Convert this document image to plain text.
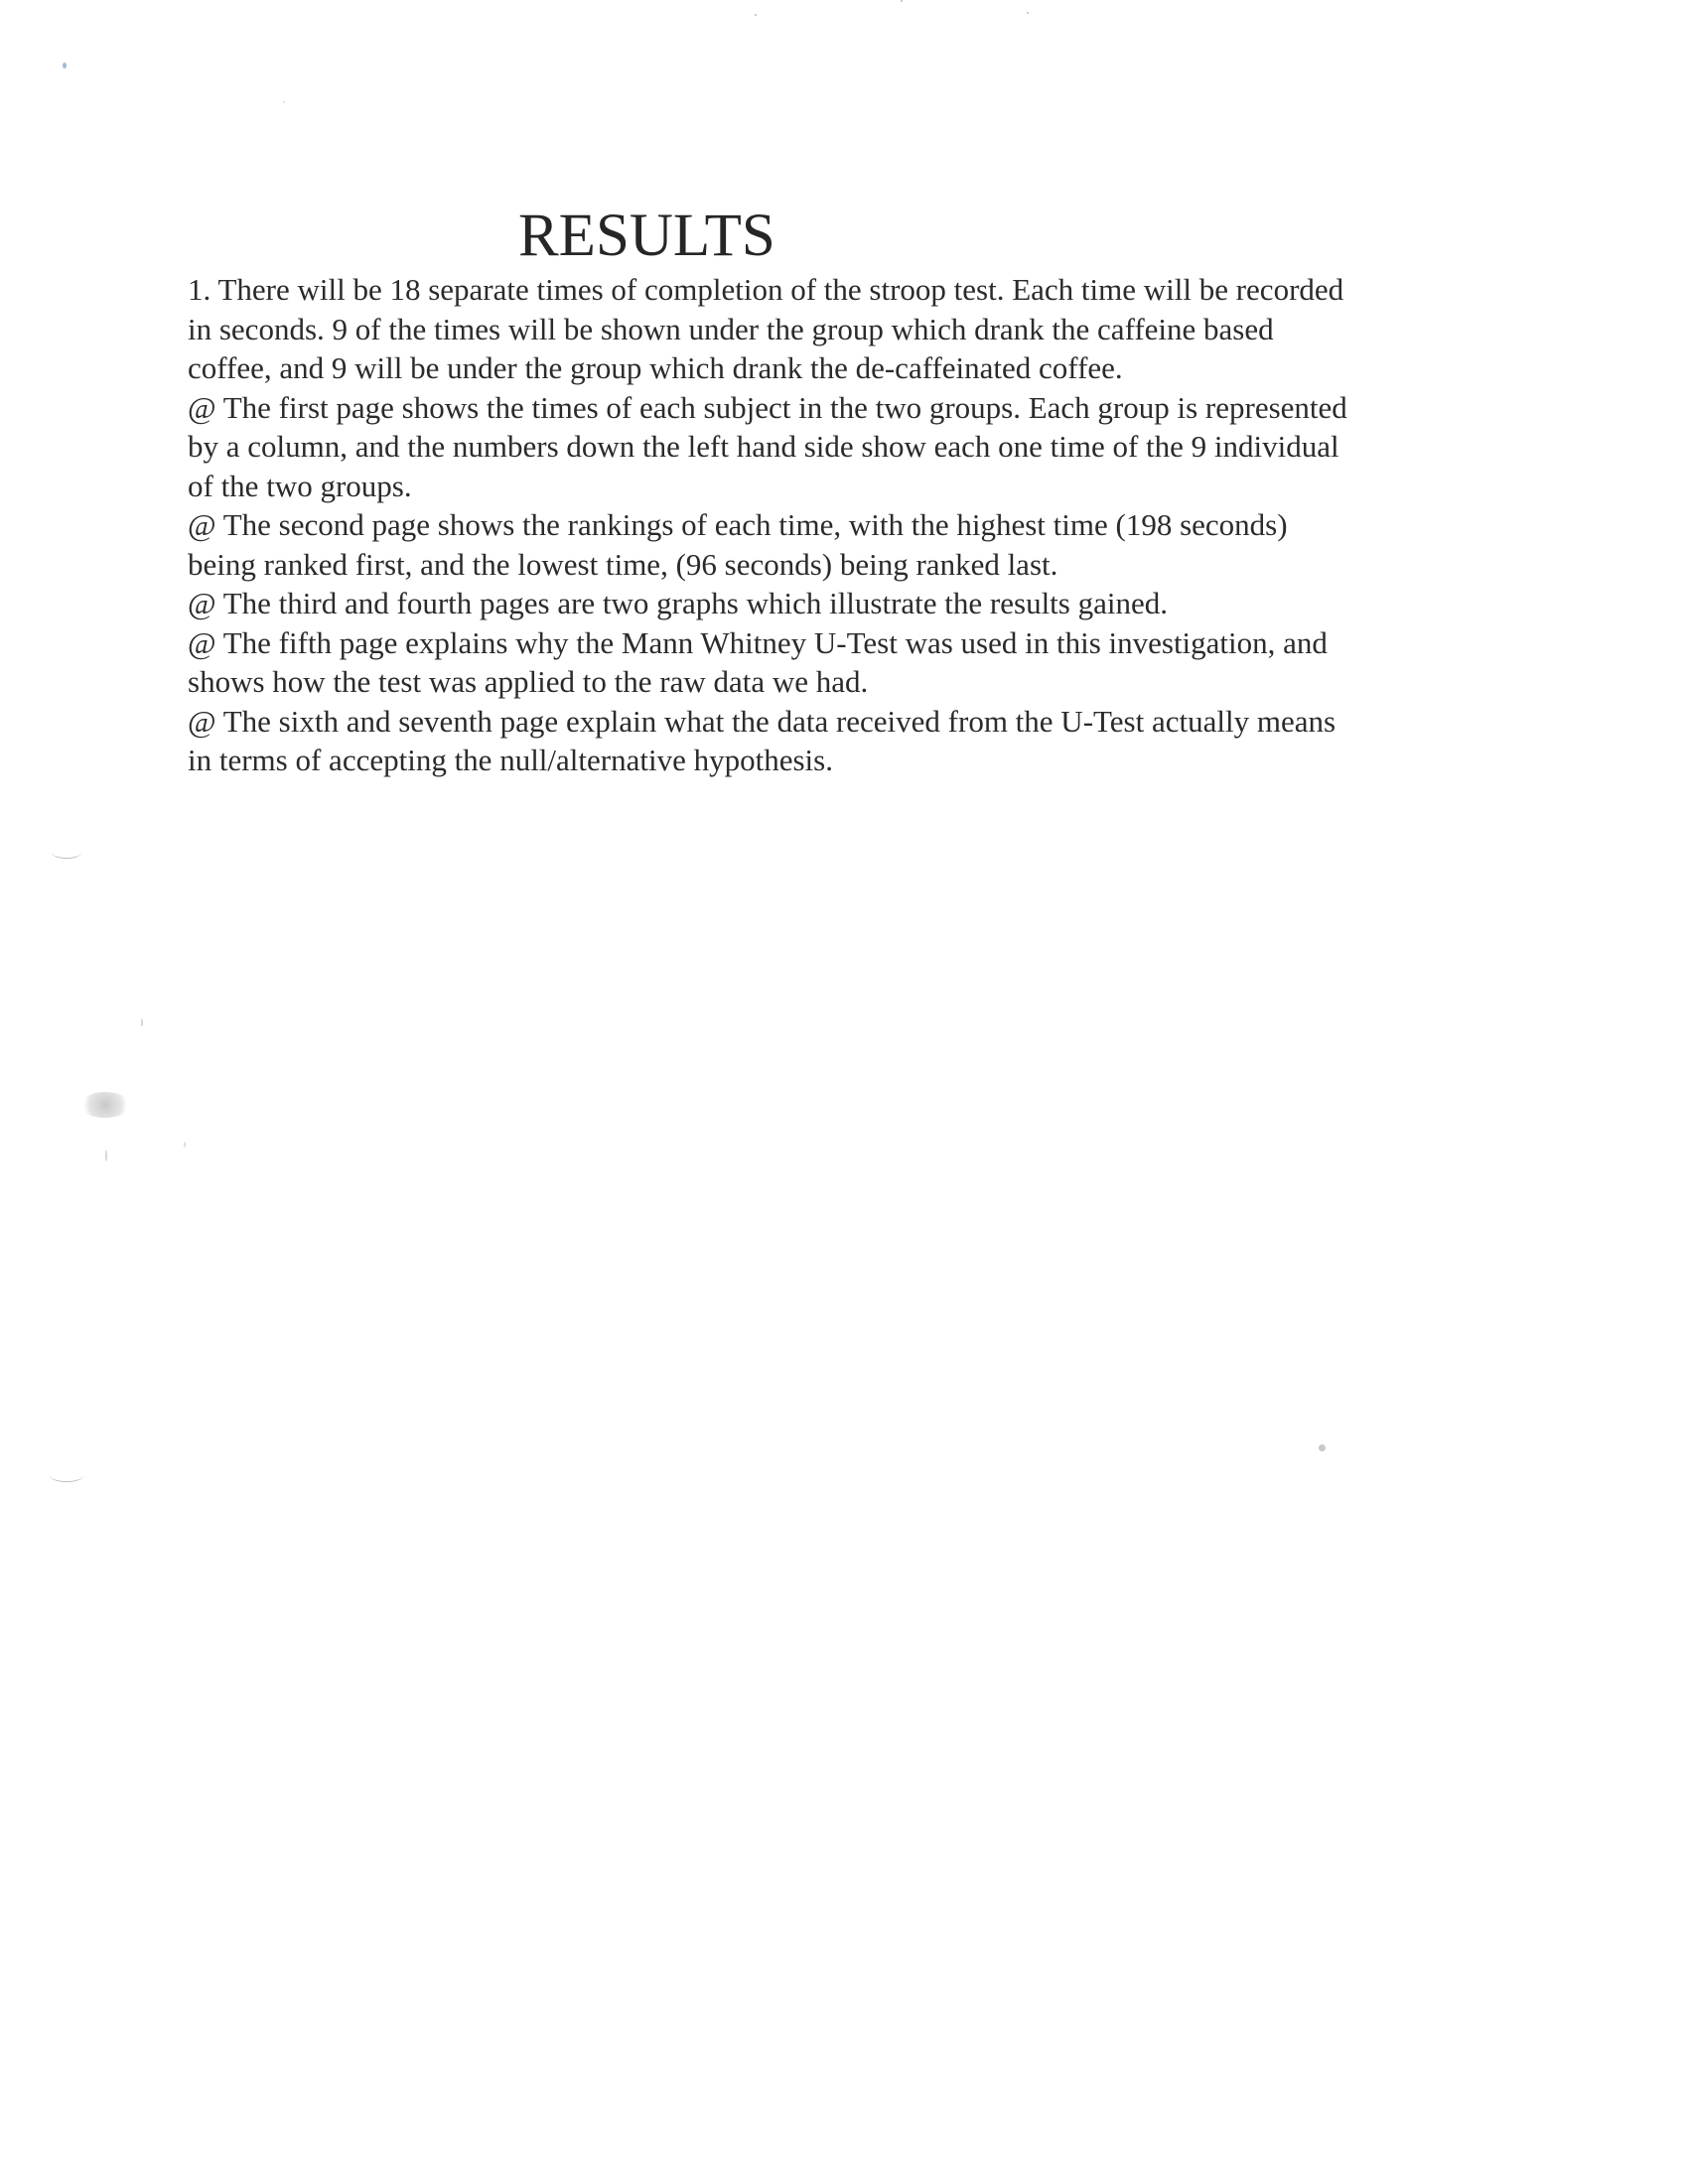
RESULTS
1. There will be 18 separate times of completion of the stroop test. Each time will be recorded
in seconds. 9 of the times will be shown under the group which drank the caffeine based
coffee, and 9 will be under the group which drank the de-caffeinated coffee.
@ The first page shows the times of each subject in the two groups. Each group is represented
by a column, and the numbers down the left hand side show each one time of the 9 individual
of the two groups.
@ The second page shows the rankings of each time, with the highest time (198 seconds)
being ranked first, and the lowest time, (96 seconds) being ranked last.
@ The third and fourth pages are two graphs which illustrate the results gained.
@ The fifth page explains why the Mann Whitney U-Test was used in this investigation, and
shows how the test was applied to the raw data we had.
@ The sixth and seventh page explain what the data received from the U-Test actually means
in terms of accepting the null/alternative hypothesis.
